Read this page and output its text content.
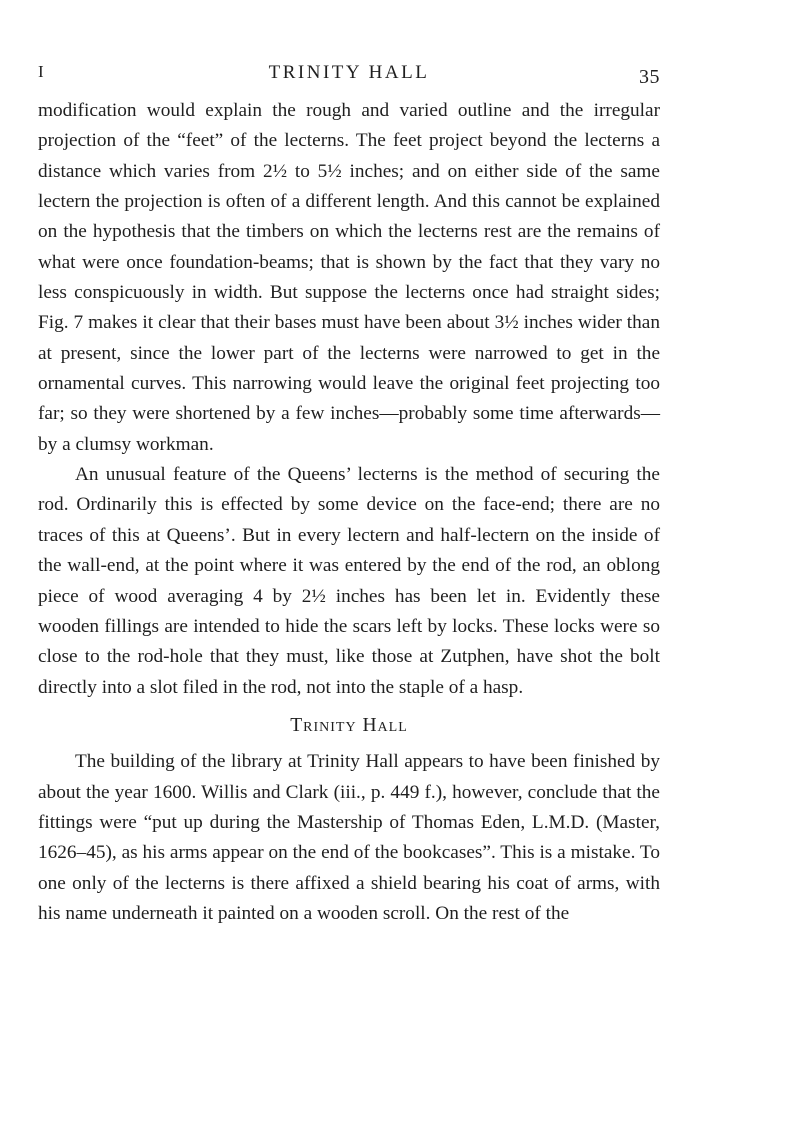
I	TRINITY HALL	35

modification would explain the rough and varied outline and the irregular projection of the “feet” of the lecterns. The feet project beyond the lecterns a distance which varies from 2½ to 5½ inches; and on either side of the same lectern the projection is often of a different length. And this cannot be explained on the hypothesis that the timbers on which the lecterns rest are the remains of what were once foundation-beams; that is shown by the fact that they vary no less conspicuously in width. But suppose the lecterns once had straight sides; Fig. 7 makes it clear that their bases must have been about 3½ inches wider than at present, since the lower part of the lecterns were narrowed to get in the ornamental curves. This narrowing would leave the original feet projecting too far; so they were shortened by a few inches—probably some time afterwards—by a clumsy workman.

An unusual feature of the Queens’ lecterns is the method of securing the rod. Ordinarily this is effected by some device on the face-end; there are no traces of this at Queens’. But in every lectern and half-lectern on the inside of the wall-end, at the point where it was entered by the end of the rod, an oblong piece of wood averaging 4 by 2½ inches has been let in. Evidently these wooden fillings are intended to hide the scars left by locks. These locks were so close to the rod-hole that they must, like those at Zutphen, have shot the bolt directly into a slot filed in the rod, not into the staple of a hasp.

Trinity Hall

The building of the library at Trinity Hall appears to have been finished by about the year 1600. Willis and Clark (iii., p. 449 f.), however, conclude that the fittings were “put up during the Mastership of Thomas Eden, L.M.D. (Master, 1626–45), as his arms appear on the end of the bookcases”. This is a mistake. To one only of the lecterns is there affixed a shield bearing his coat of arms, with his name underneath it painted on a wooden scroll. On the rest of the
